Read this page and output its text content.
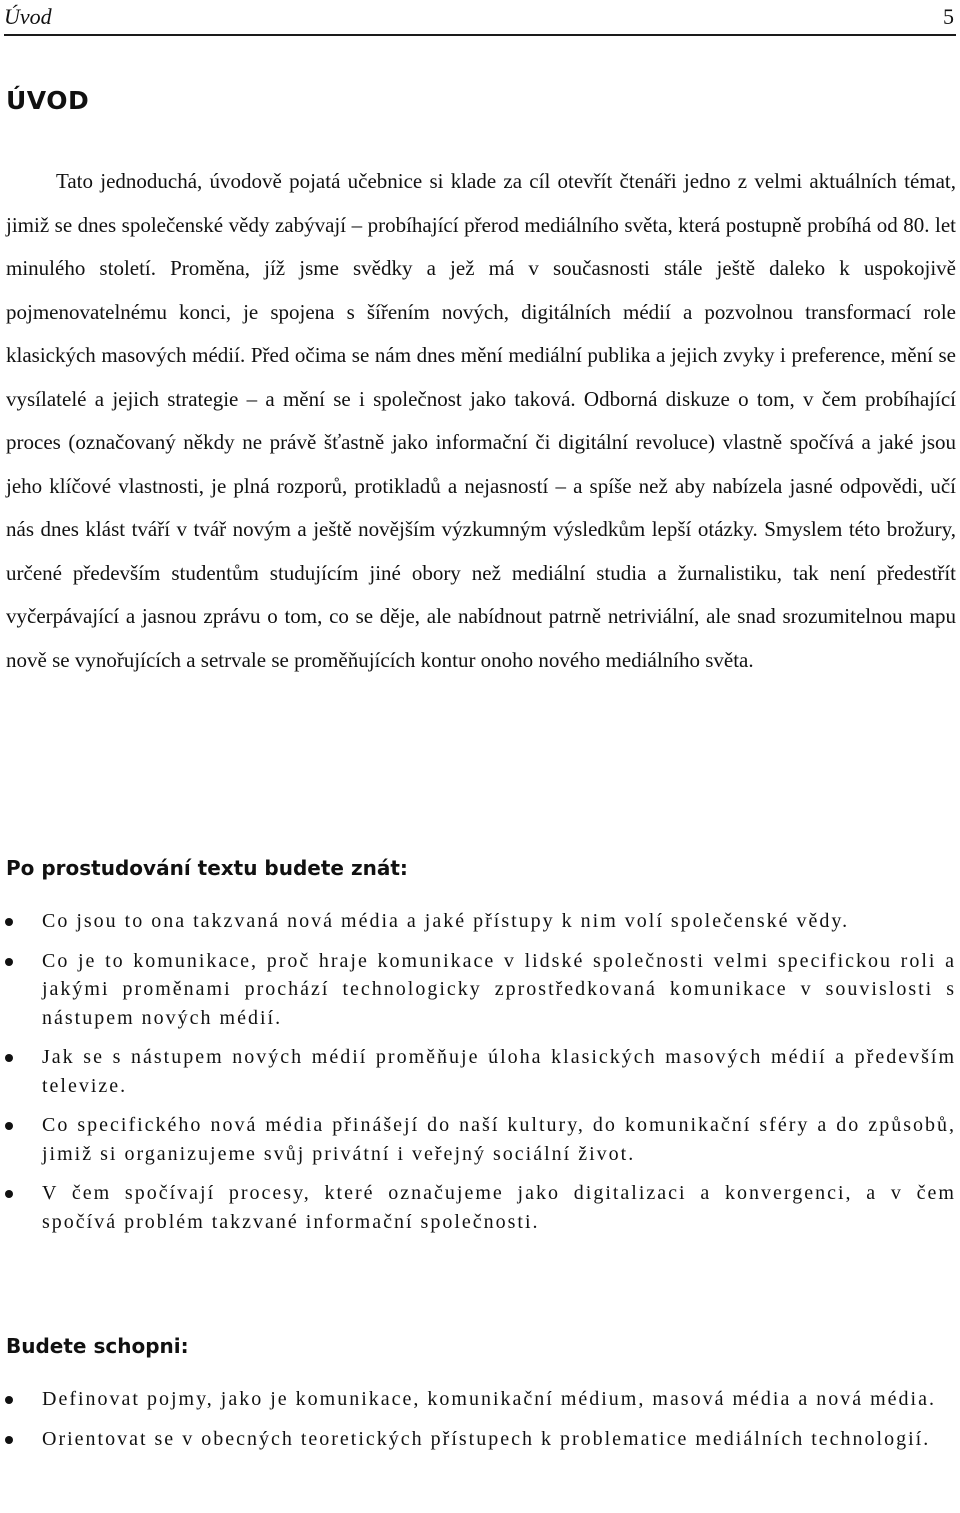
Úvod	5
ÚVOD

Tato jednoduchá, úvodově pojatá učebnice si klade za cíl otevřít čtenáři jedno z velmi aktuálních témat, jimiž se dnes společenské vědy zabývají – probíhající přerod mediálního světa, která postupně probíhá od 80. let minulého století. Proměna, jíž jsme svědky a jež má v současnosti stále ještě daleko k uspokojivě pojmenovatelnému konci, je spojena s šířením nových, digitálních médií a pozvolnou transformací role klasických masových médií. Před očima se nám dnes mění mediální publika a jejich zvyky i preference, mění se vysílatelé a jejich strategie – a mění se i společnost jako taková. Odborná diskuze o tom, v čem probíhající proces (označovaný někdy ne právě šťastně jako informační či digitální revoluce) vlastně spočívá a jaké jsou jeho klíčové vlastnosti, je plná rozporů, protikladů a nejasností – a spíše než aby nabízela jasné odpovědi, učí nás dnes klást tváří v tvář novým a ještě novějším výzkumným výsledkům lepší otázky. Smyslem této brožury, určené především studentům studujícím jiné obory než mediální studia a žurnalistiku, tak není předestřít vyčerpávající a jasnou zprávu o tom, co se děje, ale nabídnout patrně netriviální, ale snad srozumitelnou mapu nově se vynořujících a setrvale se proměňujících kontur onoho nového mediálního světa.

Po prostudování textu budete znát:
Co jsou to ona takzvaná nová média a jaké přístupy k nim volí společenské vědy.
Co je to komunikace, proč hraje komunikace v lidské společnosti velmi specifickou roli a jakými proměnami prochází technologicky zprostředkovaná komunikace v souvislosti s nástupem nových médií.
Jak se s nástupem nových médií proměňuje úloha klasických masových médií a především televize.
Co specifického nová média přinášejí do naší kultury, do komunikační sféry a do způsobů, jimiž si organizujeme svůj privátní i veřejný sociální život.
V čem spočívají procesy, které označujeme jako digitalizaci a konvergenci, a v čem spočívá problém takzvané informační společnosti.
Budete schopni:
Definovat pojmy, jako je komunikace, komunikační médium, masová média a nová média.
Orientovat se v obecných teoretických přístupech k problematice mediálních technologií.
